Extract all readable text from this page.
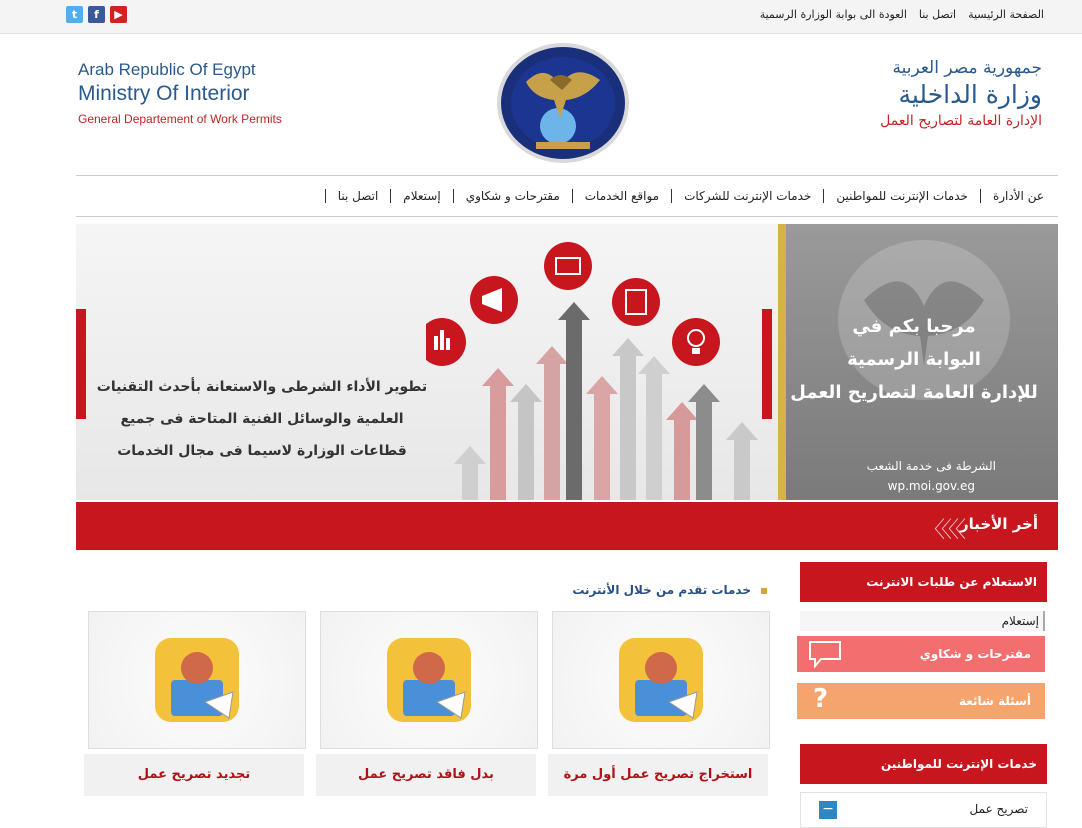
t	f	▶	الصفحة الرئيسية
اتصل بنا
العودة الى بوابة الوزارة الرسمية
Arab Republic Of Egypt
Ministry Of Interior
General Departement of Work Permits
جمهورية مصر العربية
وزارة الداخلية
الإدارة العامة لتصاريح العمل
عن الأدارة
خدمات الإنترنت للمواطنين
خدمات الإنترنت للشركات
مواقع الخدمات
مقترحات و شكاوي
إستعلام
اتصل بنا
تطوير الأداء الشرطى والاستعانة بأحدث التقنيات
العلمية والوسائل الفنية المتاحة فى جميع
قطاعات الوزارة لاسيما فى مجال الخدمات
مرحبا بكم في
البوابة الرسمية
للإدارة العامة لتصاريح العمل
الشرطة فى خدمة الشعب
wp.moi.gov.eg
أخر الأخبار
〈〈〈〈
خدمات تقدم من خلال الأنترنت
تجديد تصريح عمل	بدل فاقد تصريح عمل	استخراج تصريح عمل أول مرة
الاستعلام عن طلبات الانترنت
إستعلام
مقترحات و شكاوي
أسئلة شائعة
?
خدمات الإنترنت للمواطنين
تصريح عمل
−
